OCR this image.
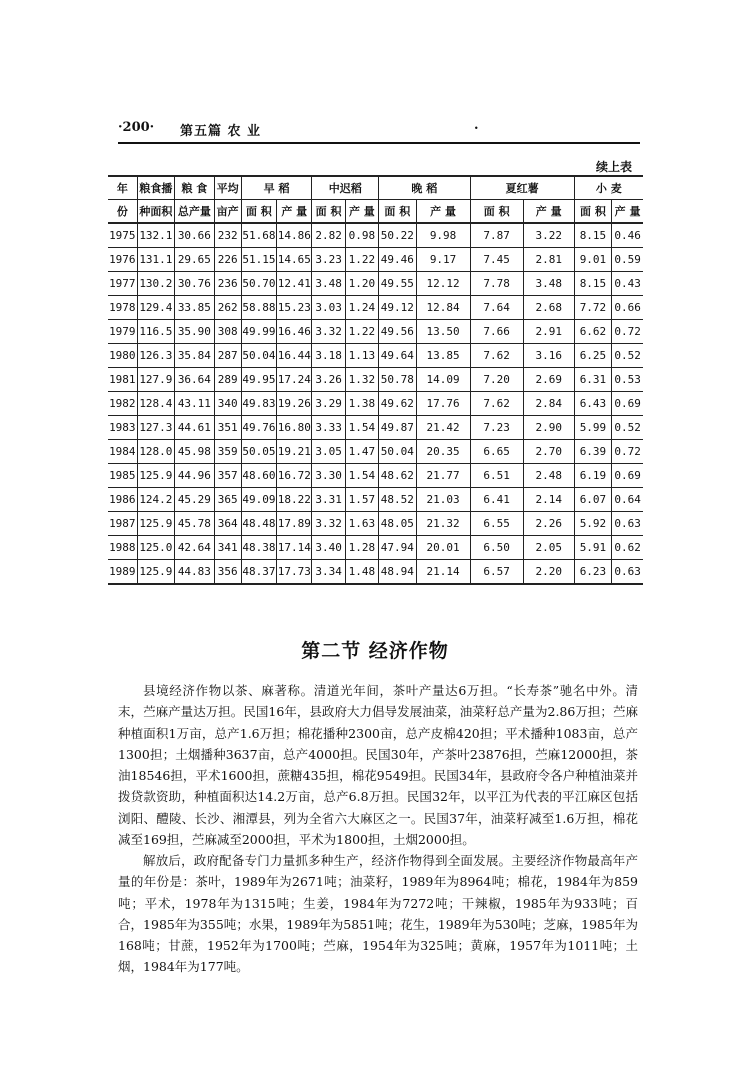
·200· 第五篇 农 业	.
续上表
年	粮食播	粮 食	平均	早 稻		中迟稻		晚 稻		夏红薯		小 麦	
份	种面积	总产量	亩产	面 积	产 量	面 积	产 量	面 积	产 量	面 积	产 量	面 积	产 量
1975	132.1	30.66	232	51.68	14.86	2.82	0.98	50.22	9.98	7.87	3.22	8.15	0.46
1976	131.1	29.65	226	51.15	14.65	3.23	1.22	49.46	9.17	7.45	2.81	9.01	0.59
1977	130.2	30.76	236	50.70	12.41	3.48	1.20	49.55	12.12	7.78	3.48	8.15	0.43
1978	129.4	33.85	262	58.88	15.23	3.03	1.24	49.12	12.84	7.64	2.68	7.72	0.66
1979	116.5	35.90	308	49.99	16.46	3.32	1.22	49.56	13.50	7.66	2.91	6.62	0.72
1980	126.3	35.84	287	50.04	16.44	3.18	1.13	49.64	13.85	7.62	3.16	6.25	0.52
1981	127.9	36.64	289	49.95	17.24	3.26	1.32	50.78	14.09	7.20	2.69	6.31	0.53
1982	128.4	43.11	340	49.83	19.26	3.29	1.38	49.62	17.76	7.62	2.84	6.43	0.69
1983	127.3	44.61	351	49.76	16.80	3.33	1.54	49.87	21.42	7.23	2.90	5.99	0.52
1984	128.0	45.98	359	50.05	19.21	3.05	1.47	50.04	20.35	6.65	2.70	6.39	0.72
1985	125.9	44.96	357	48.60	16.72	3.30	1.54	48.62	21.77	6.51	2.48	6.19	0.69
1986	124.2	45.29	365	49.09	18.22	3.31	1.57	48.52	21.03	6.41	2.14	6.07	0.64
1987	125.9	45.78	364	48.48	17.89	3.32	1.63	48.05	21.32	6.55	2.26	5.92	0.63
1988	125.0	42.64	341	48.38	17.14	3.40	1.28	47.94	20.01	6.50	2.05	5.91	0.62
1989	125.9	44.83	356	48.37	17.73	3.34	1.48	48.94	21.14	6.57	2.20	6.23	0.63
第二节 经济作物

县境经济作物以茶、麻著称。清道光年间，茶叶产量达6万担。“长寿茶”驰名中外。清末，苎麻产量达万担。民国16年，县政府大力倡导发展油菜，油菜籽总产量为2.86万担；苎麻种植面积1万亩，总产1.6万担；棉花播种2300亩，总产皮棉420担；平术播种1083亩，总产1300担；土烟播种3637亩，总产4000担。民国30年，产茶叶23876担，苎麻12000担，茶油18546担，平术1600担，蔗糖435担，棉花9549担。民国34年，县政府令各户种植油菜并拨贷款资助，种植面积达14.2万亩，总产6.8万担。民国32年，以平江为代表的平江麻区包括浏阳、醴陵、长沙、湘潭县，列为全省六大麻区之一。民国37年，油菜籽减至1.6万担，棉花减至169担，苎麻减至2000担，平术为1800担，土烟2000担。

解放后，政府配备专门力量抓多种生产，经济作物得到全面发展。主要经济作物最高年产量的年份是：茶叶，1989年为2671吨；油菜籽，1989年为8964吨；棉花，1984年为859吨；平术，1978年为1315吨；生姜，1984年为7272吨；干辣椒，1985年为933吨；百合，1985年为355吨；水果，1989年为5851吨；花生，1989年为530吨；芝麻，1985年为168吨；甘蔗，1952年为1700吨；苎麻，1954年为325吨；黄麻，1957年为1011吨；土烟，1984年为177吨。
